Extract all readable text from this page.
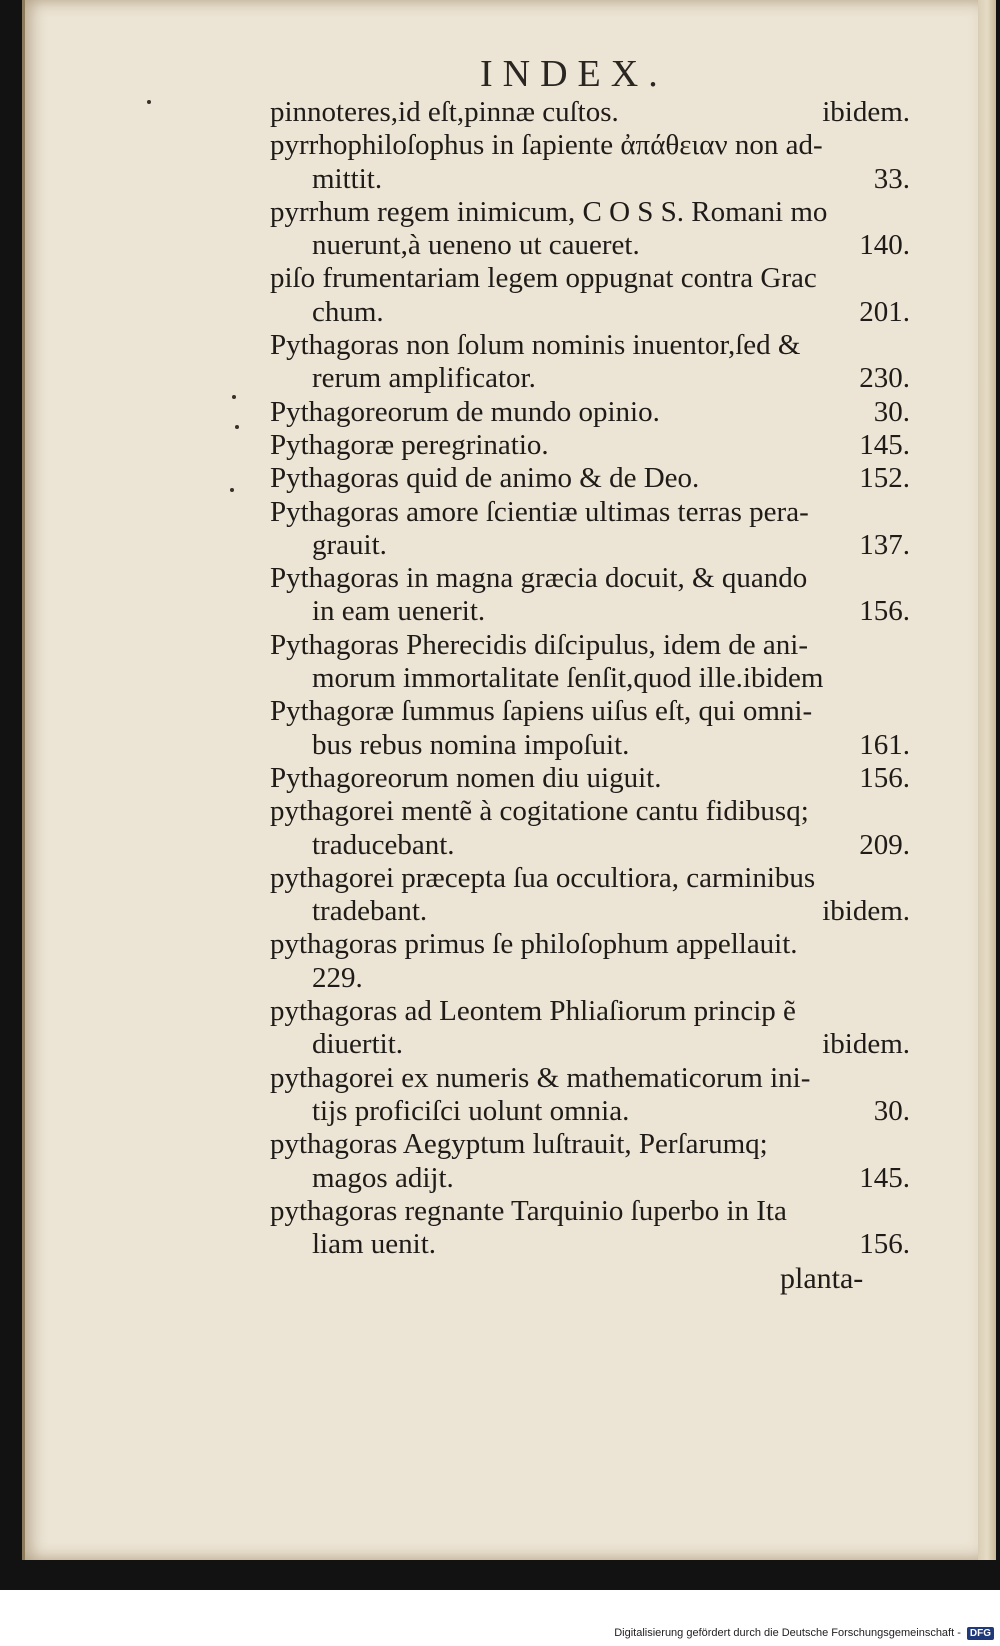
INDEX.
pinnoteres,id eſt,pinnæ cuſtos.	ibidem.
pyrrhophiloſophus in ſapiente ἀπάθειαν non ad-
mittit.	33.
pyrrhum regem inimicum, C O S S. Romani mo
nuerunt,à ueneno ut caueret.	140.
piſo frumentariam legem oppugnat contra Grac
chum.	201.
Pythagoras non ſolum nominis inuentor,ſed &
rerum amplificator.	230.
Pythagoreorum de mundo opinio.	30.
Pythagoræ peregrinatio.	145.
Pythagoras quid de animo & de Deo.	152.
Pythagoras amore ſcientiæ ultimas terras pera-
grauit.	137.
Pythagoras in magna græcia docuit, & quando
in eam uenerit.	156.
Pythagoras Pherecidis diſcipulus, idem de ani-
morum immortalitate ſenſit,quod ille.ibidem
Pythagoræ ſummus ſapiens uiſus eſt, qui omni-
bus rebus nomina impoſuit.	161.
Pythagoreorum nomen diu uiguit.	156.
pythagorei mentẽ à cogitatione cantu fidibusq;
traducebant.	209.
pythagorei præcepta ſua occultiora, carminibus
tradebant.	ibidem.
pythagoras primus ſe philoſophum appellauit.
229.
pythagoras ad Leontem Phliaſiorum princip ẽ
diuertit.	ibidem.
pythagorei ex numeris & mathematicorum ini-
tijs proficiſci uolunt omnia.	30.
pythagoras Aegyptum luſtrauit, Perſarumq;
magos adijt.	145.
pythagoras regnante Tarquinio ſuperbo in Ita
liam uenit.	156.
planta-
Digitalisierung gefördert durch die Deutsche Forschungsgemeinschaft - DFG
